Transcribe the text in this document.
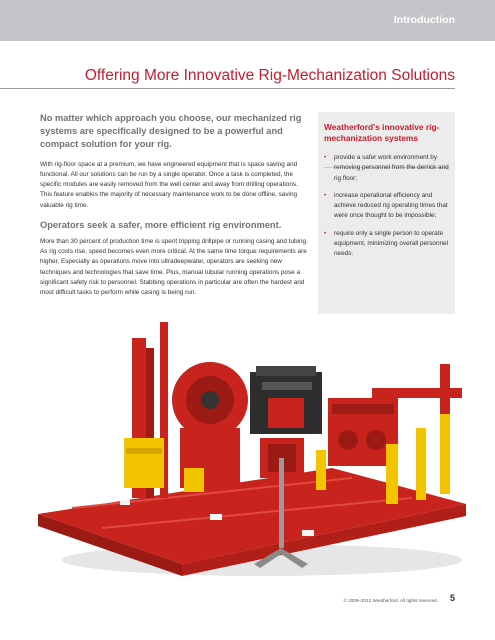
Introduction
Offering More Innovative Rig-Mechanization Solutions

No matter which approach you choose, our mechanized rig systems are specifically designed to be a powerful and compact solution for your rig.

With rig-floor space at a premium, we have engineered equipment that is space saving and functional. All our solutions can be run by a single operator. Once a task is completed, the specific modules are easily removed from the well center and away from drilling operations. This feature enables the majority of necessary maintenance work to be done offline, saving valuable rig time.

Operators seek a safer, more efficient rig environment.

More than 30 percent of production time is spent tripping drillpipe or running casing and tubing. As rig costs rise, speed becomes even more critical. At the same time torque requirements are higher. Especially as operations move into ultradeepwater, operators are seeking new techniques and technologies that save time. Plus, manual tubular running operations pose a significant safety risk to personnel. Stabbing operations in particular are often the hardest and most difficult tasks to perform while casing is being run.

Weatherford's innovative rig-mechanization systems
• provide a safer work environment by removing personnel from the derrick and rig floor;
• increase operational efficiency and achieve reduced rig operating times that were once thought to be impossible;
• require only a single person to operate equipment, minimizing overall personnel needs.
© 2009–2012 Weatherford. All rights reserved. 5
